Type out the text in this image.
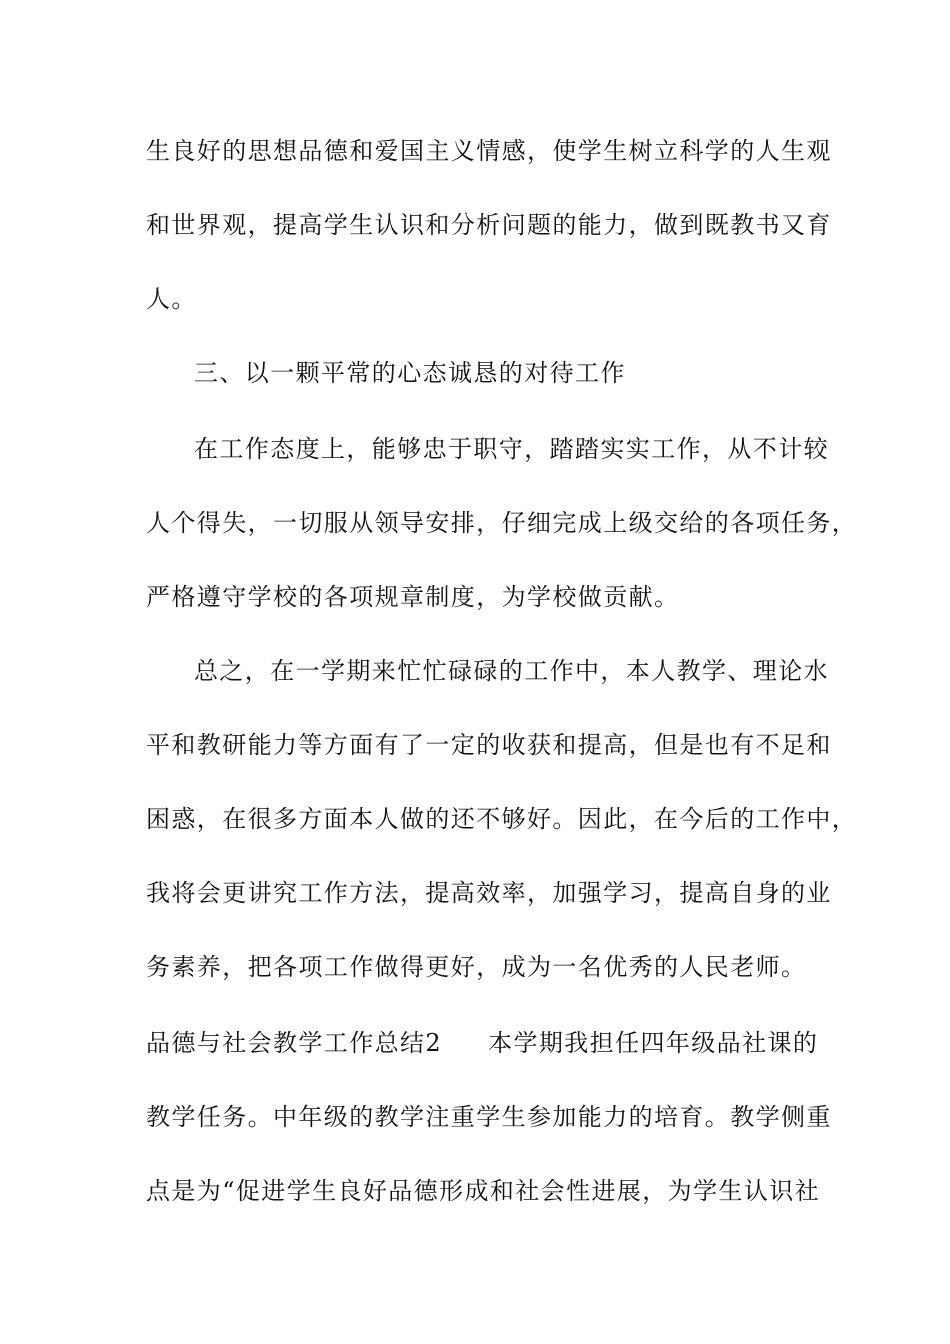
生良好的思想品德和爱国主义情感，使学生树立科学的人生观
和世界观，提高学生认识和分析问题的能力，做到既教书又育
人。
三、以一颗平常的心态诚恳的对待工作
在工作态度上，能够忠于职守，踏踏实实工作，从不计较
人个得失，一切服从领导安排，仔细完成上级交给的各项任务，
严格遵守学校的各项规章制度，为学校做贡献。
总之，在一学期来忙忙碌碌的工作中，本人教学、理论水
平和教研能力等方面有了一定的收获和提高，但是也有不足和
困惑，在很多方面本人做的还不够好。因此，在今后的工作中，
我将会更讲究工作方法，提高效率，加强学习，提高自身的业
务素养，把各项工作做得更好，成为一名优秀的人民老师。
品德与社会教学工作总结2 本学期我担任四年级品社课的
教学任务。中年级的教学注重学生参加能力的培育。教学侧重
点是为“促进学生良好品德形成和社会性进展，为学生认识社
